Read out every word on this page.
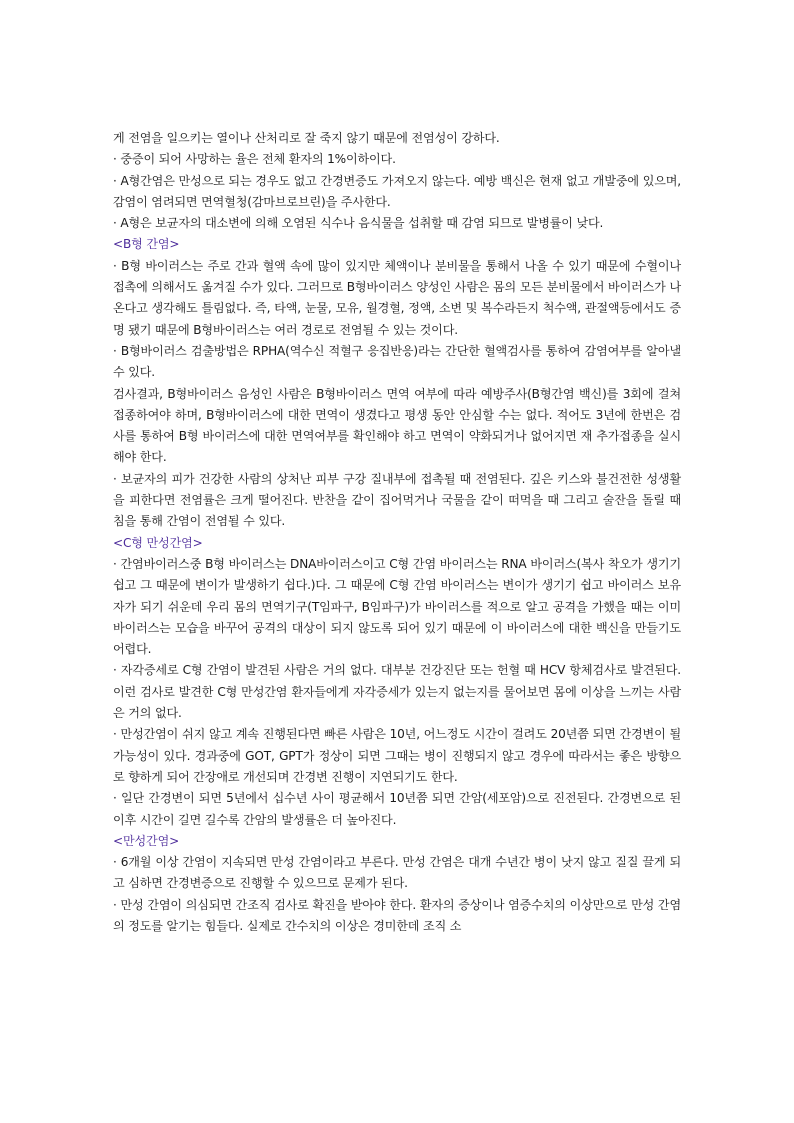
게 전염을 일으키는 열이나 산처리로 잘 죽지 않기 때문에 전염성이 강하다.

· 중증이 되어 사망하는 율은 전체 환자의 1%이하이다.

· A형간염은 만성으로 되는 경우도 없고 간경변증도 가져오지 않는다. 예방 백신은 현재 없고 개발중에 있으며, 감염이 염려되면 면역혈청(감마브로브린)을 주사한다.

· A형은 보균자의 대소변에 의해 오염된 식수나 음식물을 섭취할 때 감염 되므로 발병률이 낮다.

<B형 간염>

· B형 바이러스는 주로 간과 혈액 속에 많이 있지만 체액이나 분비물을 통해서 나올 수 있기 때문에 수혈이나 접촉에 의해서도 옮겨질 수가 있다. 그러므로 B형바이러스 양성인 사람은 몸의 모든 분비물에서 바이러스가 나온다고 생각해도 틀림없다. 즉, 타액, 눈물, 모유, 월경혈, 정액, 소변 및 복수라든지 척수액, 관절액등에서도 증명 됐기 때문에 B형바이러스는 여러 경로로 전염될 수 있는 것이다.

· B형바이러스 검출방법은 RPHA(역수신 적혈구 응집반응)라는 간단한 혈액검사를 통하여 감염여부를 알아낼 수 있다.

검사결과, B형바이러스 음성인 사람은 B형바이러스 면역 여부에 따라 예방주사(B형간염 백신)를 3회에 걸쳐 접종하여야 하며, B형바이러스에 대한 면역이 생겼다고 평생 동안 안심할 수는 없다. 적어도 3년에 한번은 검사를 통하여 B형 바이러스에 대한 면역여부를 확인해야 하고 면역이 약화되거나 없어지면 재 추가접종을 실시해야 한다.

· 보균자의 피가 건강한 사람의 상처난 피부 구강 질내부에 접촉될 때 전염된다. 깊은 키스와 불건전한 성생활을 피한다면 전염률은 크게 떨어진다. 반찬을 같이 집어먹거나 국물을 같이 떠먹을 때 그리고 술잔을 돌릴 때 침을 통해 간염이 전염될 수 있다.

<C형 만성간염>

· 간염바이러스중 B형 바이러스는 DNA바이러스이고 C형 간염 바이러스는 RNA 바이러스(복사 착오가 생기기 쉽고 그 때문에 변이가 발생하기 쉽다.)다. 그 때문에 C형 간염 바이러스는 변이가 생기기 쉽고 바이러스 보유자가 되기 쉬운데 우리 몸의 면역기구(T임파구, B임파구)가 바이러스를 적으로 알고 공격을 가했을 때는 이미 바이러스는 모습을 바꾸어 공격의 대상이 되지 않도록 되어 있기 때문에 이 바이러스에 대한 백신을 만들기도 어렵다.

· 자각증세로 C형 간염이 발견된 사람은 거의 없다. 대부분 건강진단 또는 헌혈 때 HCV 항체검사로 발견된다. 이런 검사로 발견한 C형 만성간염 환자들에게 자각증세가 있는지 없는지를 물어보면 몸에 이상을 느끼는 사람은 거의 없다.

· 만성간염이 쉬지 않고 계속 진행된다면 빠른 사람은 10년, 어느정도 시간이 걸려도 20년쯤 되면 간경변이 될 가능성이 있다. 경과중에 GOT, GPT가 정상이 되면 그때는 병이 진행되지 않고 경우에 따라서는 좋은 방향으로 향하게 되어 간장애로 개선되며 간경변 진행이 지연되기도 한다.

· 일단 간경변이 되면 5년에서 십수년 사이 평균해서 10년쯤 되면 간암(세포암)으로 진전된다. 간경변으로 된 이후 시간이 길면 길수록 간암의 발생률은 더 높아진다.

<만성간염>

· 6개월 이상 간염이 지속되면 만성 간염이라고 부른다. 만성 간염은 대개 수년간 병이 낫지 않고 질질 끌게 되고 심하면 간경변증으로 진행할 수 있으므로 문제가 된다.

· 만성 간염이 의심되면 간조직 검사로 확진을 받아야 한다. 환자의 증상이나 염증수치의 이상만으로 만성 간염의 정도를 알기는 힘들다. 실제로 간수치의 이상은 경미한데 조직 소
